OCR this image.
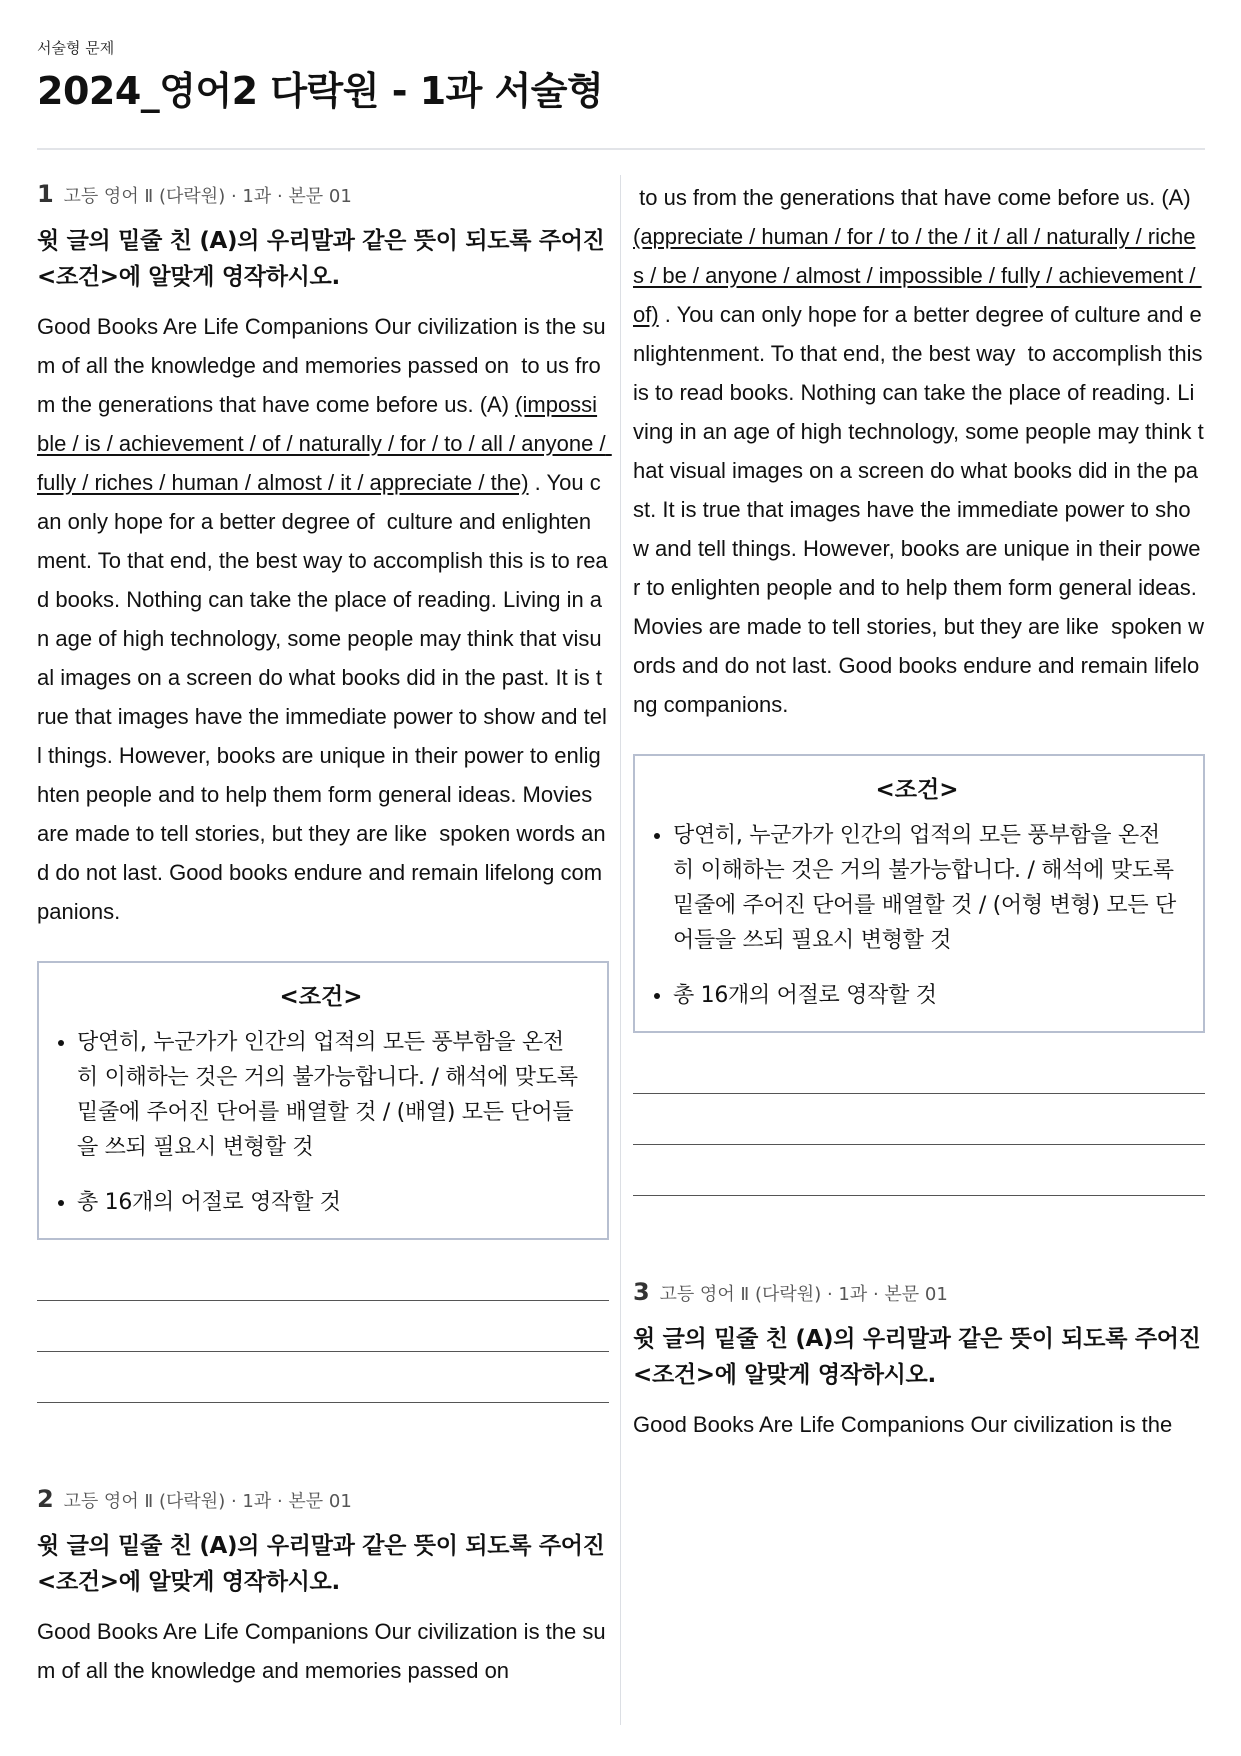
서술형 문제
2024_영어2 다락원 - 1과 서술형
1 고등 영어 Ⅱ (다락원) · 1과 · 본문 01
윗 글의 밑줄 친 (A)의 우리말과 같은 뜻이 되도록 주어진 <조건>에 알맞게 영작하시오.
Good Books Are Life Companions Our civilization is the sum of all the knowledge and memories passed on  to us from the generations that have come before us. (A) (impossible / is / achievement / of / naturally / for / to / all / anyone / fully / riches / human / almost / it / appreciate / the) . You can only hope for a better degree of  culture and enlightenment. To that end, the best way to accomplish this is to read books. Nothing can take the place of reading. Living in an age of high technology, some people may think that visual images on a screen do what books did in the past. It is true that images have the immediate power to show and tell things. However, books are unique in their power to enlighten people and to help them form general ideas. Movies are made to tell stories, but they are like  spoken words and do not last. Good books endure and remain lifelong companions.
<조건>
• 당연히, 누군가가 인간의 업적의 모든 풍부함을 온전히 이해하는 것은 거의 불가능합니다. / 해석에 맞도록 밑줄에 주어진 단어를 배열할 것 / (배열) 모든 단어들을 쓰되 필요시 변형할 것
• 총 16개의 어절로 영작할 것
2 고등 영어 Ⅱ (다락원) · 1과 · 본문 01
윗 글의 밑줄 친 (A)의 우리말과 같은 뜻이 되도록 주어진 <조건>에 알맞게 영작하시오.
Good Books Are Life Companions Our civilization is the sum of all the knowledge and memories passed on
to us from the generations that have come before us. (A) (appreciate / human / for / to / the / it / all / naturally / riches / be / anyone / almost / impossible / fully / achievement / of) . You can only hope for a better degree of culture and enlightenment. To that end, the best way  to accomplish this is to read books. Nothing can take the place of reading. Living in an age of high technology, some people may think that visual images on a screen do what books did in the past. It is true that images have the immediate power to show and tell things. However, books are unique in their power to enlighten people and to help them form general ideas. Movies are made to tell stories, but they are like  spoken words and do not last. Good books endure and remain lifelong companions.
<조건>
• 당연히, 누군가가 인간의 업적의 모든 풍부함을 온전히 이해하는 것은 거의 불가능합니다. / 해석에 맞도록 밑줄에 주어진 단어를 배열할 것 / (어형 변형) 모든 단어들을 쓰되 필요시 변형할 것
• 총 16개의 어절로 영작할 것
3 고등 영어 Ⅱ (다락원) · 1과 · 본문 01
윗 글의 밑줄 친 (A)의 우리말과 같은 뜻이 되도록 주어진 <조건>에 알맞게 영작하시오.
Good Books Are Life Companions Our civilization is the
